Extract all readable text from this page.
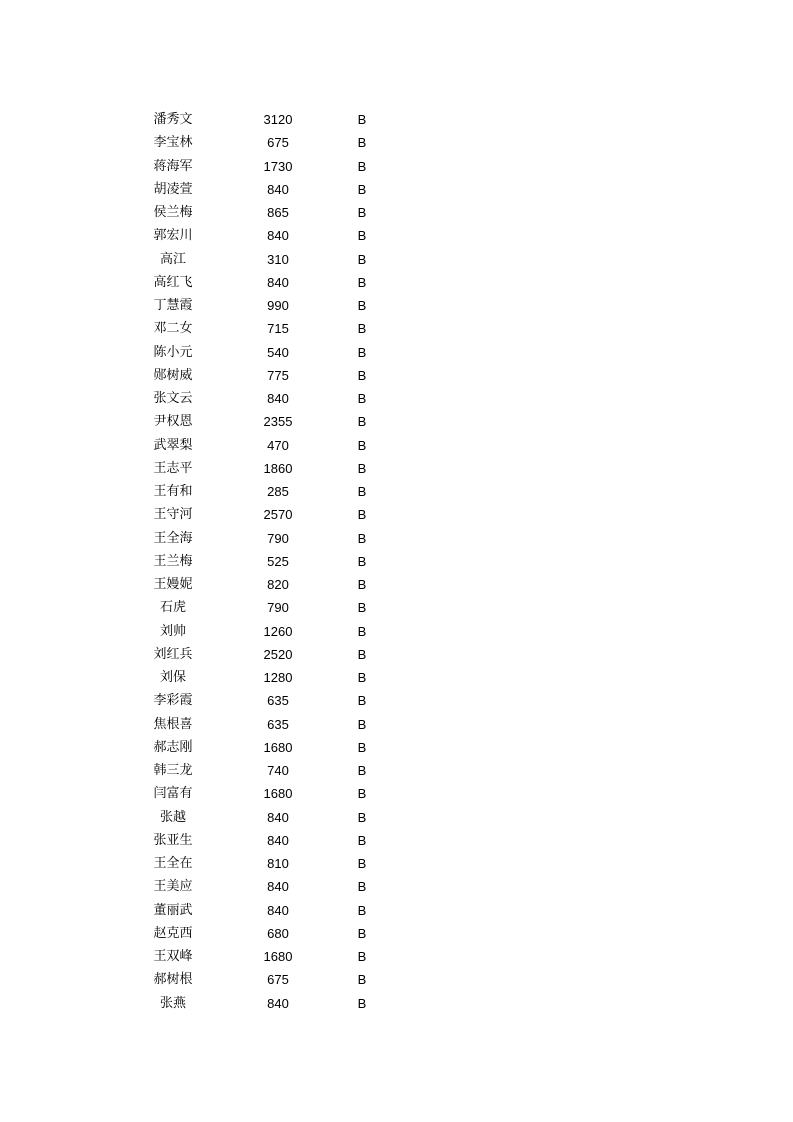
潘秀文	3120	B
李宝林	675	B
蒋海军	1730	B
胡凌萱	840	B
侯兰梅	865	B
郭宏川	840	B
高江	310	B
高红飞	840	B
丁慧霞	990	B
邓二女	715	B
陈小元	540	B
郧树威	775	B
张文云	840	B
尹权恩	2355	B
武翠梨	470	B
王志平	1860	B
王有和	285	B
王守河	2570	B
王全海	790	B
王兰梅	525	B
王嫚妮	820	B
石虎	790	B
刘帅	1260	B
刘红兵	2520	B
刘保	1280	B
李彩霞	635	B
焦根喜	635	B
郝志刚	1680	B
韩三龙	740	B
闫富有	1680	B
张越	840	B
张亚生	840	B
王全在	810	B
王美应	840	B
董丽武	840	B
赵克西	680	B
王双峰	1680	B
郝树根	675	B
张燕	840	B
